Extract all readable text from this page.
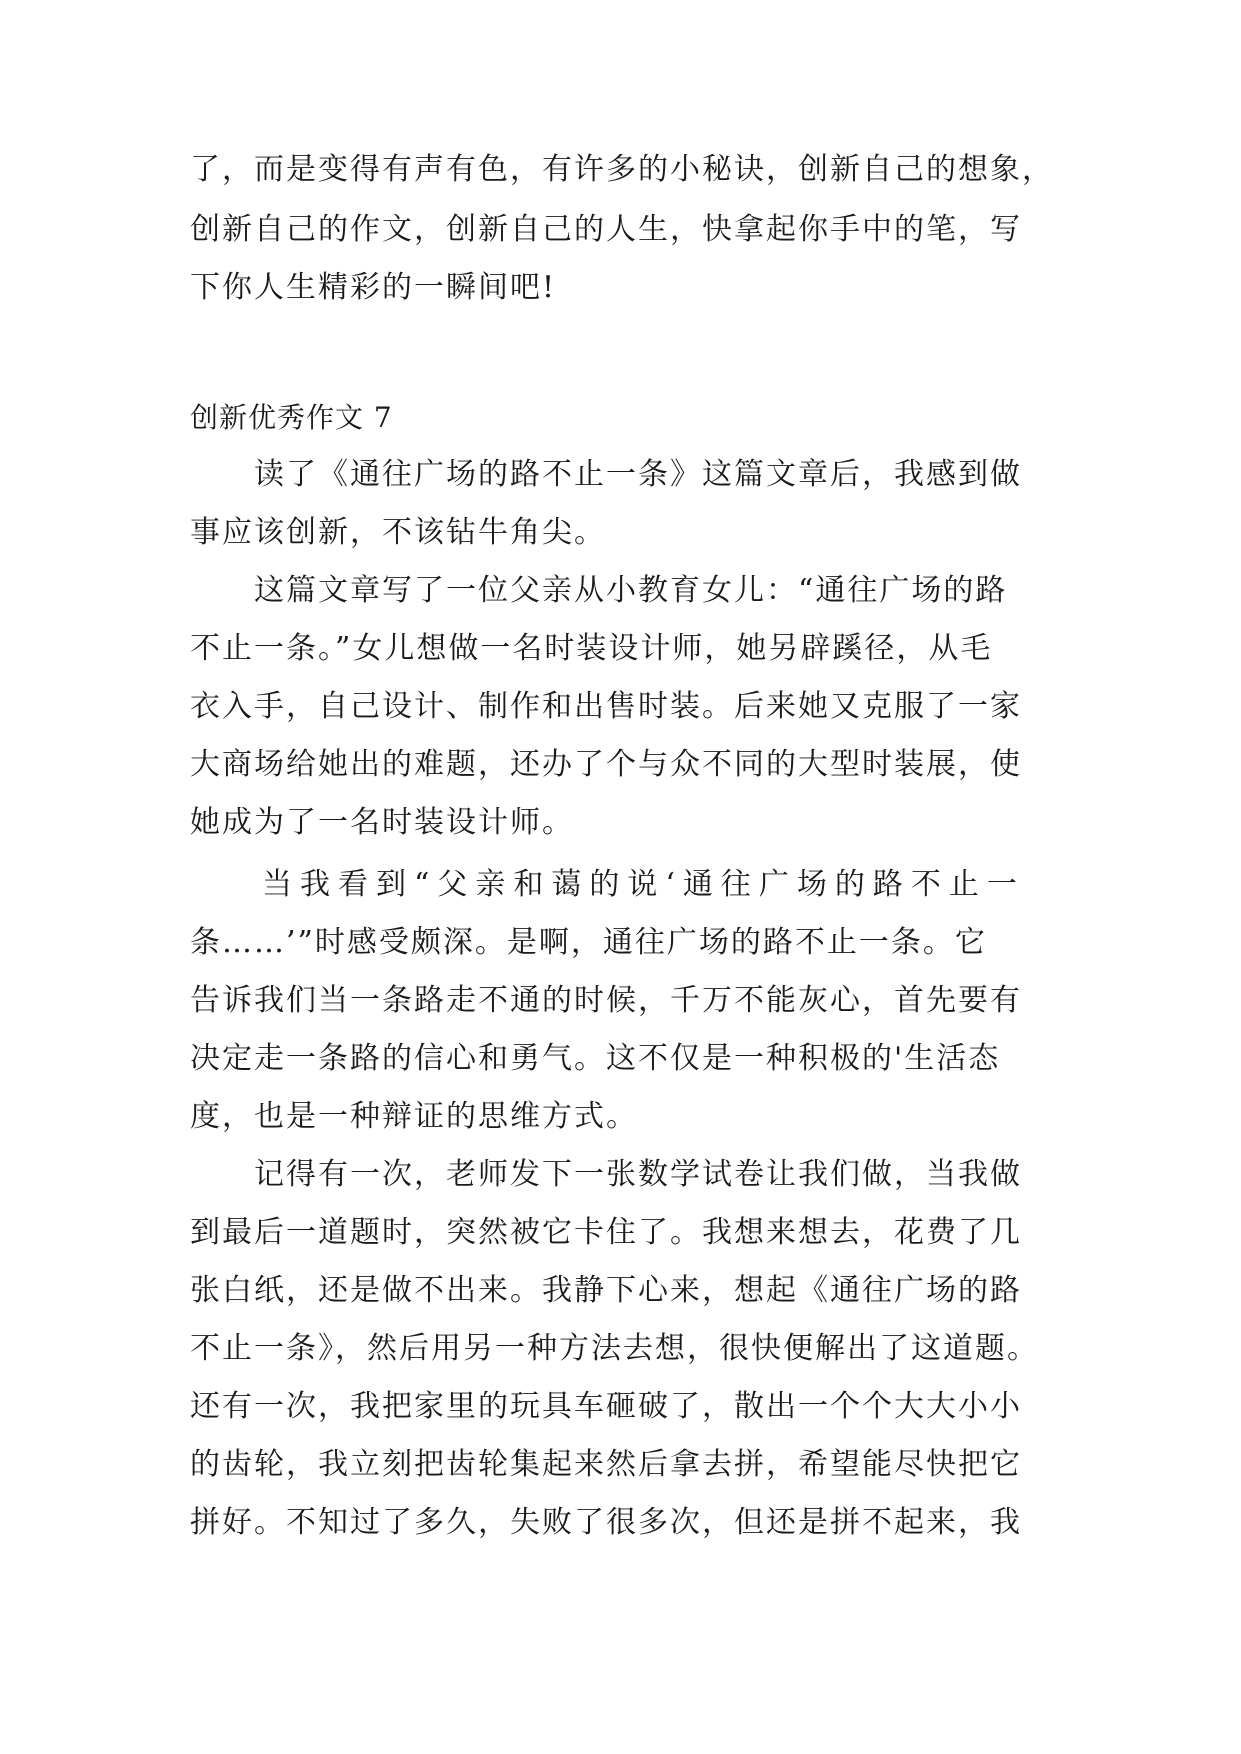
了，而是变得有声有色，有许多的小秘诀，创新自己的想象，
创新自己的作文，创新自己的人生，快拿起你手中的笔，写
下你人生精彩的一瞬间吧!
创新优秀作文 7
读了《通往广场的路不止一条》这篇文章后，我感到做
事应该创新，不该钻牛角尖。
这篇文章写了一位父亲从小教育女儿：“通往广场的路
不止一条。”女儿想做一名时装设计师，她另辟蹊径，从毛
衣入手，自己设计、制作和出售时装。后来她又克服了一家
大商场给她出的难题，还办了个与众不同的大型时装展，使
她成为了一名时装设计师。
当我看到“父亲和蔼的说‘通往广场的路不止一
条……’”时感受颇深。是啊，通往广场的路不止一条。它
告诉我们当一条路走不通的时候，千万不能灰心，首先要有
决定走一条路的信心和勇气。这不仅是一种积极的'生活态
度，也是一种辩证的思维方式。
记得有一次，老师发下一张数学试卷让我们做，当我做
到最后一道题时，突然被它卡住了。我想来想去，花费了几
张白纸，还是做不出来。我静下心来，想起《通往广场的路
不止一条》，然后用另一种方法去想，很快便解出了这道题。
还有一次，我把家里的玩具车砸破了，散出一个个大大小小
的齿轮，我立刻把齿轮集起来然后拿去拼，希望能尽快把它
拼好。不知过了多久，失败了很多次，但还是拼不起来，我
